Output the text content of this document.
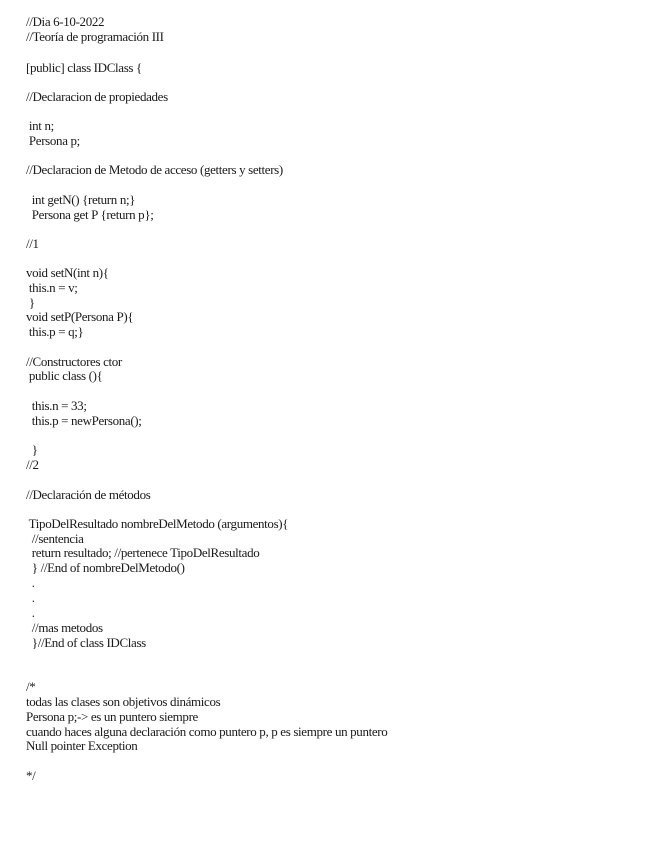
//Dia 6-10-2022
//Teoría de programación III
[public] class IDClass {
//Declaracion de propiedades
int n;
Persona p;
//Declaracion de Metodo de acceso (getters y setters)
int getN() {return n;}
Persona get P {return p};
//1
void setN(int n){
this.n = v;
}
void setP(Persona P){
this.p = q;}
//Constructores ctor
public class (){
this.n = 33;
this.p = newPersona();
}
//2
//Declaración de métodos
TipoDelResultado nombreDelMetodo (argumentos){
//sentencia
return resultado; //pertenece TipoDelResultado
} //End of nombreDelMetodo()
.
.
.
//mas metodos
}//End of class IDClass
/*
todas las clases son objetivos dinámicos
Persona p;-> es un puntero siempre
cuando haces alguna declaración como puntero p, p es siempre un puntero
Null pointer Exception
*/
